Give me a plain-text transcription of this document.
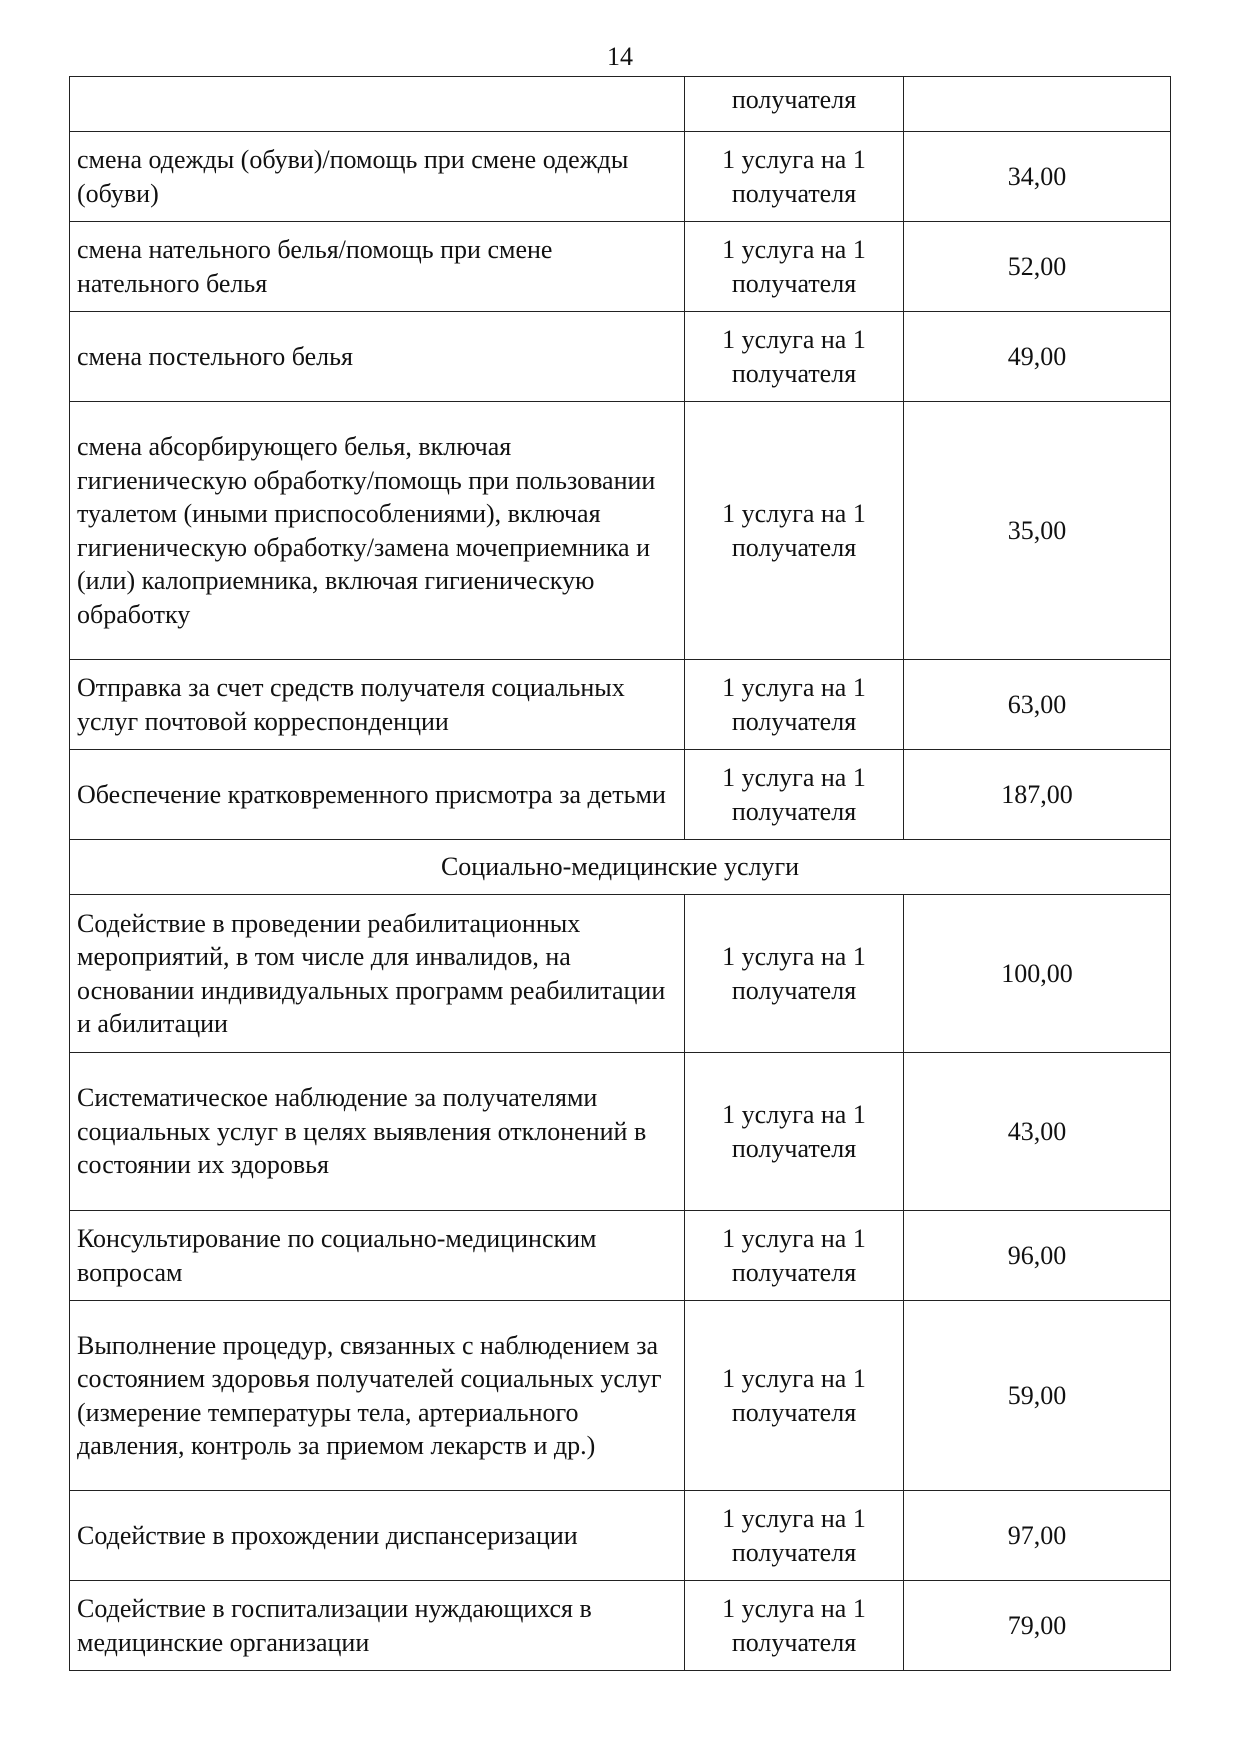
14
	получателя	
смена одежды (обуви)/помощь при смене одежды (обуви)	1 услуга на 1 получателя	34,00
смена нательного белья/помощь при смене нательного белья	1 услуга на 1 получателя	52,00
смена постельного белья	1 услуга на 1 получателя	49,00
смена абсорбирующего белья, включая гигиеническую обработку/помощь при пользовании туалетом (иными приспособлениями), включая гигиеническую обработку/замена мочеприемника и (или) калоприемника, включая гигиеническую обработку	1 услуга на 1 получателя	35,00
Отправка за счет средств получателя социальных услуг почтовой корреспонденции	1 услуга на 1 получателя	63,00
Обеспечение кратковременного присмотра за детьми	1 услуга на 1 получателя	187,00
Социально-медицинские услуги		
Содействие в проведении реабилитационных мероприятий, в том числе для инвалидов, на основании индивидуальных программ реабилитации и абилитации	1 услуга на 1 получателя	100,00
Систематическое наблюдение за получателями социальных услуг в целях выявления отклонений в состоянии их здоровья	1 услуга на 1 получателя	43,00
Консультирование по социально-медицинским вопросам	1 услуга на 1 получателя	96,00
Выполнение процедур, связанных с наблюдением за состоянием здоровья получателей социальных услуг (измерение температуры тела, артериального давления, контроль за приемом лекарств и др.)	1 услуга на 1 получателя	59,00
Содействие в прохождении диспансеризации	1 услуга на 1 получателя	97,00
Содействие в госпитализации нуждающихся в медицинские организации	1 услуга на 1 получателя	79,00
